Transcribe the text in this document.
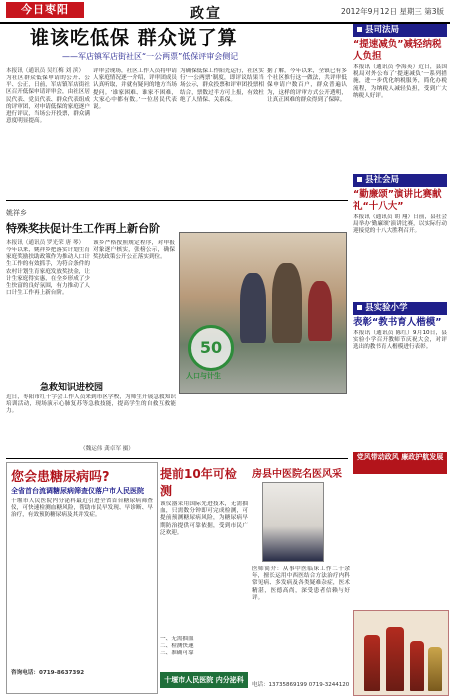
今日枣阳	政宣	2012年9月12日 星期三 第3版
谁该吃低保 群众说了算
——军店镇军店街社区“一公两票”低保评审会侧记
本报讯（通讯员 吴红梅 刘 滨）
为社区群众低保申请的公开、公平、公正，日前，军店镇军店街社区召开低保申请评审会，由社区居民代表、党员代表、群众代表组成的评审团，对申请低保的家庭逐户进行评议，当场公开投票，群众满意度明显提高。
评审会现场，社区工作人员将申请人家庭情况逐一介绍，评审团成员认真听取，并就有疑问的地方当场提问。‘谁家困难、谁家不困难，大家心中都有数。’一位居民代表说。
为确保低保工作阳光运行，社区实行‘一公两票’制度，即评议结果当场公示，群众投票和评审团投票相结合，票数过半方可上报，有效杜绝了人情保、关系保。
据了解，今年以来，全镇已有多个社区推行这一做法，共评审低保申请户数百户，群众普遍认为，这样的评审方式公开透明，让真正困难的群众得到了保障。
姚祥乡
特殊奖扶促计生工作再上新台阶
本报讯（通讯员 罗光荣 唐 琴）
今年以来，姚祥乡把落实计划生育家庭奖励扶助政策作为推动人口计生工作的有效抓手，为符合条件的农村计划生育家庭发放奖扶金，让计生家庭得实惠，在全乡形成了少生快富的良好氛围，有力推动了人口计生工作再上新台阶。
该乡严格按照规定程序，对申报对象逐户核实，张榜公示，确保奖扶政策公开公正落实到位。
50
人口与计生
急救知识进校园
近日，枣阳市红十字会工作人员来到市区学校，为师生开展急救知识培训活动，现场演示心肺复苏等急救技能，提高学生的自救互救能力。
（魏运伟 龚卓军 摄）
县司法局
“提速减负”减轻纳税人负担
本报讯（通讯员 李海英）近日，县国税局对外公布了‘提速减负’一系列措施，进一步优化纳税服务，简化办税流程，为纳税人减轻负担，受到广大纳税人好评。
县社会局
“勤廉颂”演讲比赛献礼“十八大”
本报讯（通讯员 胡 翔）日前，县社会局举办‘勤廉颂’演讲比赛，以实际行动迎接党的十八大胜利召开。
县实验小学
表彰“教书育人楷模”
本报讯（通讯员 陈红）9月10日，县实验小学召开教师节庆祝大会，对评选出的教书育人楷模进行表彰。
党风带动政风 廉政护航发展
您会患糖尿病吗?
全省首台流调糖尿病筛查仪落户市人民医院
十堰市人民医院内分泌科最近引进全省首台糖尿病筛查仪，可快速检测血糖风险，帮助市民早发现、早诊断、早治疗，有效预防糖尿病及其并发症。
咨询电话：0719-8637392
提前10年可检测
该仪器采用国际先进技术，无需抽血，只需数分钟即可完成检测，可提前预测糖尿病风险，为糖尿病早期防治提供可靠依据，受到市民广泛欢迎。
一、无需抽血
二、检测快速
三、准确可靠
十堰市人民医院 内分泌科
房县中医院名医风采
医师简介：从事中医临床工作二十余年，擅长运用中西医结合方法治疗内科常见病、多发病及各类疑难杂症，医术精湛，医德高尚，深受患者信赖与好评。
电话：13735869199 0719-3244120
